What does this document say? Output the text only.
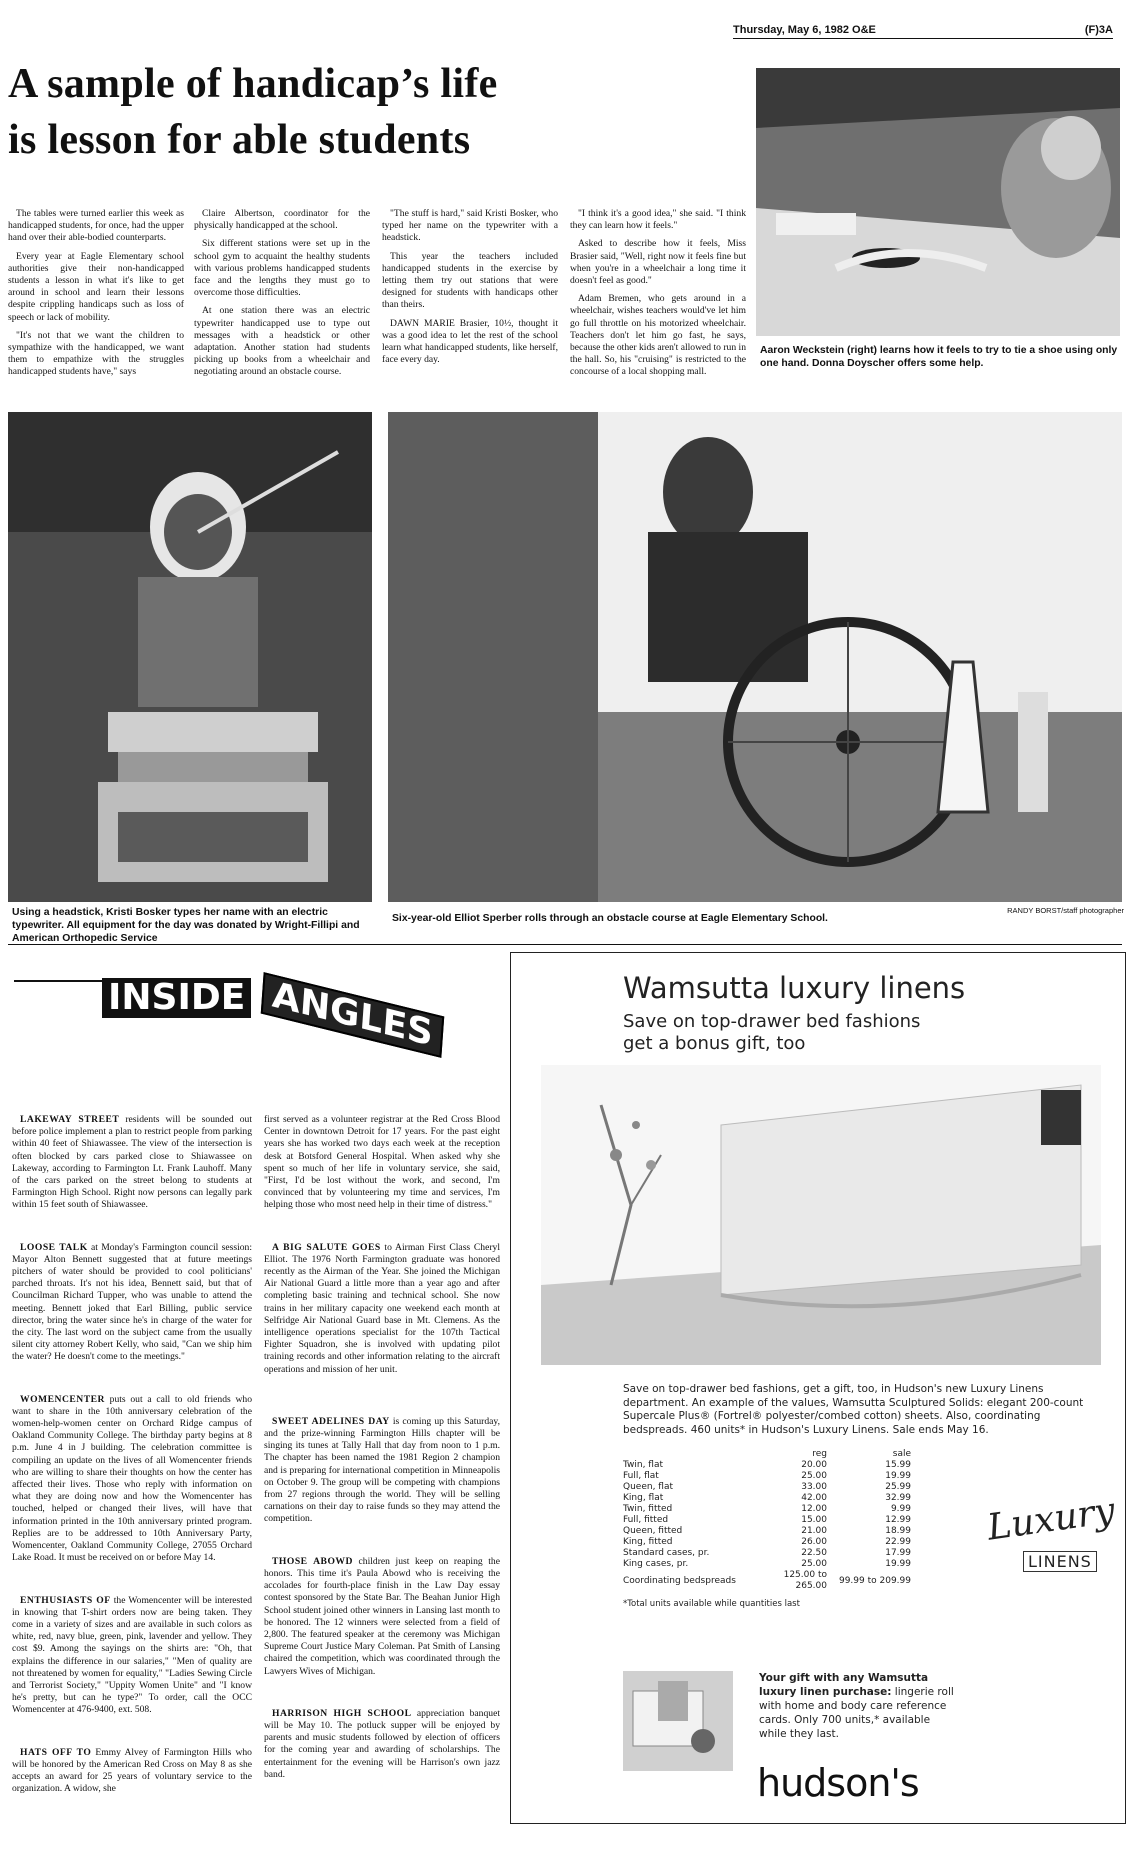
Thursday, May 6, 1982 O&E	(F)3A
A sample of handicap’s life
is lesson for able students

The tables were turned earlier this week as handicapped students, for once, had the upper hand over their able-bodied counterparts.

Every year at Eagle Elementary school authorities give their non-handicapped students a lesson in what it's like to get around in school and learn their lessons despite crippling handicaps such as loss of speech or lack of mobility.

"It's not that we want the children to sympathize with the handicapped, we want them to empathize with the struggles handicapped students have," says

Claire Albertson, coordinator for the physically handicapped at the school.

Six different stations were set up in the school gym to acquaint the healthy students with various problems handicapped students face and the lengths they must go to overcome those difficulties.

At one station there was an electric typewriter handicapped use to type out messages with a headstick or other adaptation. Another station had students picking up books from a wheelchair and negotiating around an obstacle course.

"The stuff is hard," said Kristi Bosker, who typed her name on the typewriter with a headstick.

This year the teachers included handicapped students in the exercise by letting them try out stations that were designed for students with handicaps other than theirs.

DAWN MARIE Brasier, 10½, thought it was a good idea to let the rest of the school learn what handicapped students, like herself, face every day.

"I think it's a good idea," she said. "I think they can learn how it feels."

Asked to describe how it feels, Miss Brasier said, "Well, right now it feels fine but when you're in a wheelchair a long time it doesn't feel as good."

Adam Bremen, who gets around in a wheelchair, wishes teachers would've let him go full throttle on his motorized wheelchair. Teachers don't let him go fast, he says, because the other kids aren't allowed to run in the hall. So, his "cruising" is restricted to the concourse of a local shopping mall.

Aaron Weckstein (right) learns how it feels to try to tie a shoe using only one hand. Donna Doyscher offers some help.
Using a headstick, Kristi Bosker types her name with an electric typewriter. All equipment for the day was donated by Wright-Fillipi and American Orthopedic Service
Six-year-old Elliot Sperber rolls through an obstacle course at Eagle Elementary School.
RANDY BORST/staff photographer
INSIDE ANGLES

LAKEWAY STREET residents will be sounded out before police implement a plan to restrict people from parking within 40 feet of Shiawassee. The view of the intersection is often blocked by cars parked close to Shiawassee on Lakeway, according to Farmington Lt. Frank Lauhoff. Many of the cars parked on the street belong to students at Farmington High School. Right now persons can legally park within 15 feet south of Shiawassee.

LOOSE TALK at Monday's Farmington council session: Mayor Alton Bennett suggested that at future meetings pitchers of water should be provided to cool politicians' parched throats. It's not his idea, Bennett said, but that of Councilman Richard Tupper, who was unable to attend the meeting. Bennett joked that Earl Billing, public service director, bring the water since he's in charge of the water for the city. The last word on the subject came from the usually silent city attorney Robert Kelly, who said, "Can we ship him the water? He doesn't come to the meetings."

WOMENCENTER puts out a call to old friends who want to share in the 10th anniversary celebration of the women-help-women center on Orchard Ridge campus of Oakland Community College. The birthday party begins at 8 p.m. June 4 in J building. The celebration committee is compiling an update on the lives of all Womencenter friends who are willing to share their thoughts on how the center has affected their lives. Those who reply with information on what they are doing now and how the Womencenter has touched, helped or changed their lives, will have that information printed in the 10th anniversary printed program. Replies are to be addressed to 10th Anniversary Party, Womencenter, Oakland Community College, 27055 Orchard Lake Road. It must be received on or before May 14.

ENTHUSIASTS OF the Womencenter will be interested in knowing that T-shirt orders now are being taken. They come in a variety of sizes and are available in such colors as white, red, navy blue, green, pink, lavender and yellow. They cost $9. Among the sayings on the shirts are: "Oh, that explains the difference in our salaries," "Men of quality are not threatened by women for equality," "Ladies Sewing Circle and Terrorist Society," "Uppity Women Unite" and "I know he's pretty, but can he type?" To order, call the OCC Womencenter at 476-9400, ext. 508.

HATS OFF TO Emmy Alvey of Farmington Hills who will be honored by the American Red Cross on May 8 as she accepts an award for 25 years of voluntary service to the organization. A widow, she

first served as a volunteer registrar at the Red Cross Blood Center in downtown Detroit for 17 years. For the past eight years she has worked two days each week at the reception desk at Botsford General Hospital. When asked why she spent so much of her life in voluntary service, she said, "First, I'd be lost without the work, and second, I'm convinced that by volunteering my time and services, I'm helping those who most need help in their time of distress."

A BIG SALUTE GOES to Airman First Class Cheryl Elliot. The 1976 North Farmington graduate was honored recently as the Airman of the Year. She joined the Michigan Air National Guard a little more than a year ago and after completing basic training and technical school. She now trains in her military capacity one weekend each month at Selfridge Air National Guard base in Mt. Clemens. As the intelligence operations specialist for the 107th Tactical Fighter Squadron, she is involved with updating pilot training records and other information relating to the aircraft operations and mission of her unit.

SWEET ADELINES DAY is coming up this Saturday, and the prize-winning Farmington Hills chapter will be singing its tunes at Tally Hall that day from noon to 1 p.m. The chapter has been named the 1981 Region 2 champion and is preparing for international competition in Minneapolis on October 9. The group will be competing with champions from 27 regions through the world. They will be selling carnations on their day to raise funds so they may attend the competition.

THOSE ABOWD children just keep on reaping the honors. This time it's Paula Abowd who is receiving the accolades for fourth-place finish in the Law Day essay contest sponsored by the State Bar. The Beahan Junior High School student joined other winners in Lansing last month to be honored. The 12 winners were selected from a field of 2,800. The featured speaker at the ceremony was Michigan Supreme Court Justice Mary Coleman. Pat Smith of Lansing chaired the competition, which was coordinated through the Lawyers Wives of Michigan.

HARRISON HIGH SCHOOL appreciation banquet will be May 10. The potluck supper will be enjoyed by parents and music students followed by election of officers for the coming year and awarding of scholarships. The entertainment for the evening will be Harrison's own jazz band.

Wamsutta luxury linens
Save on top-drawer bed fashions
get a bonus gift, too
Save on top-drawer bed fashions, get a gift, too, in Hudson's new Luxury Linens department. An example of the values, Wamsutta Sculptured Solids: elegant 200-count Supercale Plus® (Fortrel® polyester/combed cotton) sheets. Also, coordinating bedspreads. 460 units* in Hudson's Luxury Linens. Sale ends May 16.
	reg	sale
Twin, flat	20.00	15.99
Full, flat	25.00	19.99
Queen, flat	33.00	25.99
King, flat	42.00	32.99
Twin, fitted	12.00	9.99
Full, fitted	15.00	12.99
Queen, fitted	21.00	18.99
King, fitted	26.00	22.99
Standard cases, pr.	22.50	17.99
King cases, pr.	25.00	19.99
Coordinating bedspreads	125.00 to 265.00	99.99 to 209.99
*Total units available while quantities last
Luxury
LINENS
Your gift with any Wamsutta luxury linen purchase: lingerie roll with home and body care reference cards. Only 700 units,* available while they last.
hudson's
